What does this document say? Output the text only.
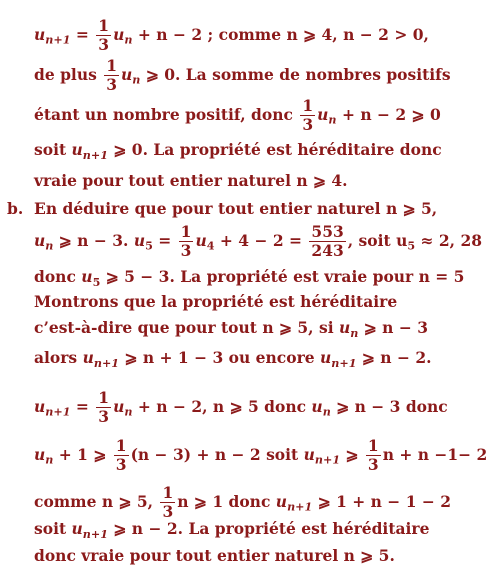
$u_{n+1} = \frac{1}{3} u_n + n - 2$ ; comme n ⩾ 4, n − 2 > 0,
de plus $\frac{1}{3} u_n$ ⩾ 0. La somme de nombres positifs
étant un nombre positif, donc $\frac{1}{3} u_n + n - 2$ ⩾ 0
soit $u_{n+1}$ ⩾ 0. La propriété est héréditaire donc
vraie pour tout entier naturel n ⩾ 4.
b. En déduire que pour tout entier naturel n ⩾ 5,
$u_n$ ⩾ n − 3. $u_5 = \frac{1}{3} u_4 + 4 - 2 = \frac{553}{243}$ , soit $u_5 \approx 2$, 28
donc $u_5$ ⩾ 5 − 3. La propriété est vraie pour n = 5
Montrons que la propriété est héréditaire
c’est-à-dire que pour tout n ⩾ 5, si $u_n$ ⩾ n − 3
alors $u_{n+1}$ ⩾ n + 1 − 3 ou encore $u_{n+1}$ ⩾ n − 2.
$u_{n+1} = \frac{1}{3} u_n + n - 2$, n ⩾ 5 donc $u_n$ ⩾ n − 3 donc
$u_n + 1$ ⩾ $\frac{1}{3} (n - 3) + n - 2$ soit $u_{n+1}$ ⩾ $\frac{1}{3}$ n + n −1− 2
comme n ⩾ 5, $\frac{1}{3}$ n ⩾ 1 donc $u_{n+1}$ ⩾ 1 + n − 1 − 2
soit $u_{n+1}$ ⩾ n − 2. La propriété est héréditaire
donc vraie pour tout entier naturel n ⩾ 5.
